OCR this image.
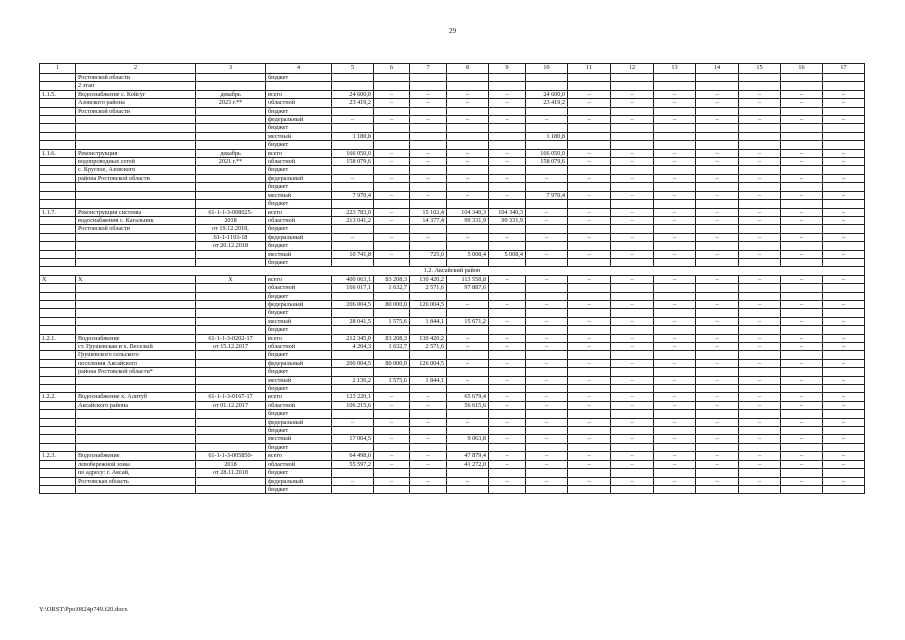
29
1	2	3	4	5	6	7	8	9	10	11	12	13	14	15	16	17
	Ростовской области		бюджет													
	2 этап															
1.1.5.	Водоснабжение с. Койсуг	декабрь	всего	24 600,0	–	–	–	–	24 600,0	–	–	–	–	–	–	–
	Азовского района	2023 г.**	областной	23 419,2	–	–	–	–	23 419,2	–	–	–	–	–	–	–
	Ростовской области		бюджет													
			федеральный	–	–	–	–	–	–	–	–	–	–	–	–	–
			бюджет													
			местный	1 180,8					1 180,8							
			бюджет													
1.1.6.	Реконструкция	декабрь	всего	166 050,0	–	–	–	–	166 050,0	–	–	–	–	–	–	–
	водопроводных сетей	2021 г.**	областной	158 079,6	–	–	–	–	158 079,6	–	–	–	–	–	–	–
	с. Круглое, Азовского		бюджет													
	района Ростовской области		федеральный	–	–	–	–	–	–	–	–	–	–	–	–	–
			бюджет													
			местный	7 970,4	–	–	–	–	7 970,4	–	–	–	–	–	–	–
			бюджет													
1.1.7.	Реконструкция системы	61-1-1-3-008025-	всего	223 783,0	–	15 102,4	104 340,3	104 340,3	–	–	–	–	–	–	–	–
	водоснабжения с. Кагальник	2018	областной	213 041,2	–	14 377,4	99 331,9	99 331,9	–	–	–	–	–	–	–	–
	Ростовской области	от 19.12.2018,	бюджет													
		61-1-1193-18	федеральный	–	–	–	–	–	–	–	–	–	–	–	–	–
		от 20.12.2018	бюджет													
			местный	10 741,8	–	725,0	5 008,4	5 008,4	–	–	–	–	–	–	–	–
			бюджет													
1.2. Аксайский район																
Х	Х	Х	всего	400 063,1	83 208,3	130 420,2	113 558,8	–	–	–	–	–	–	–	–	–
			областной	166 017,1	1 632,7	2 571,6	97 887,6									
			бюджет													
			федеральный	206 004,5	80 000,0	126 004,5	–	–	–	–	–	–	–	–	–	–
			бюджет													
			местный	28 041,5	1 575,6	1 844,1	15 671,2	–	–	–	–	–	–	–	–	–
			бюджет													
1.2.1.	Водоснабжение	61-1-1-3-0202-17	всего	212 345,0	83 208,3	130 420,2	–	–	–	–	–	–	–	–	–	–
	ст. Грушевская и х. Веселый	от 15.12.2017	областной	4 204,3	1 632,7	2 571,6	–	–	–	–	–	–	–	–	–	–
	Грушевского сельского		бюджет													
	поселения Аксайского		федеральный	206 004,5	80 000,0	126 004,5	–	–	–	–	–	–	–	–	–	–
	района Ростовской области*		бюджет													
			местный	2 136,2	1 575,6	1 844,1	–	–	–	–	–	–	–	–	–	–
			бюджет													
1.2.2.	Водоснабжение х. Алитуб	61-1-1-3-0167-17	всего	123 220,1	–	–	65 679,4	–	–	–	–	–	–	–	–	–
	Аксайского района	от 01.12.2017	областной	106 215,6	–	–	56 615,6	–	–	–	–	–	–	–	–	–
			бюджет													
			федеральный	–	–	–	–	–	–	–	–	–	–	–	–	–
			бюджет													
			местный	17 004,5	–	–	9 063,8	–	–	–	–	–	–	–	–	–
			бюджет													
1.2.3.	Водоснабжение	61-1-1-3-005850-	всего	64 498,0	–	–	47 879,4	–	–	–	–	–	–	–	–	–
	левобережной зоны	2018	областной	55 597,2	–	–	41 272,0	–	–	–	–	–	–	–	–	–
	по адресу: г. Аксай,	от 28.11.2018	бюджет													
	Ростовская область		федеральный	–	–	–	–	–	–	–	–	–	–	–	–	–
			бюджет													
Y:\ORST\Ppo\0824p749.f20.docx
